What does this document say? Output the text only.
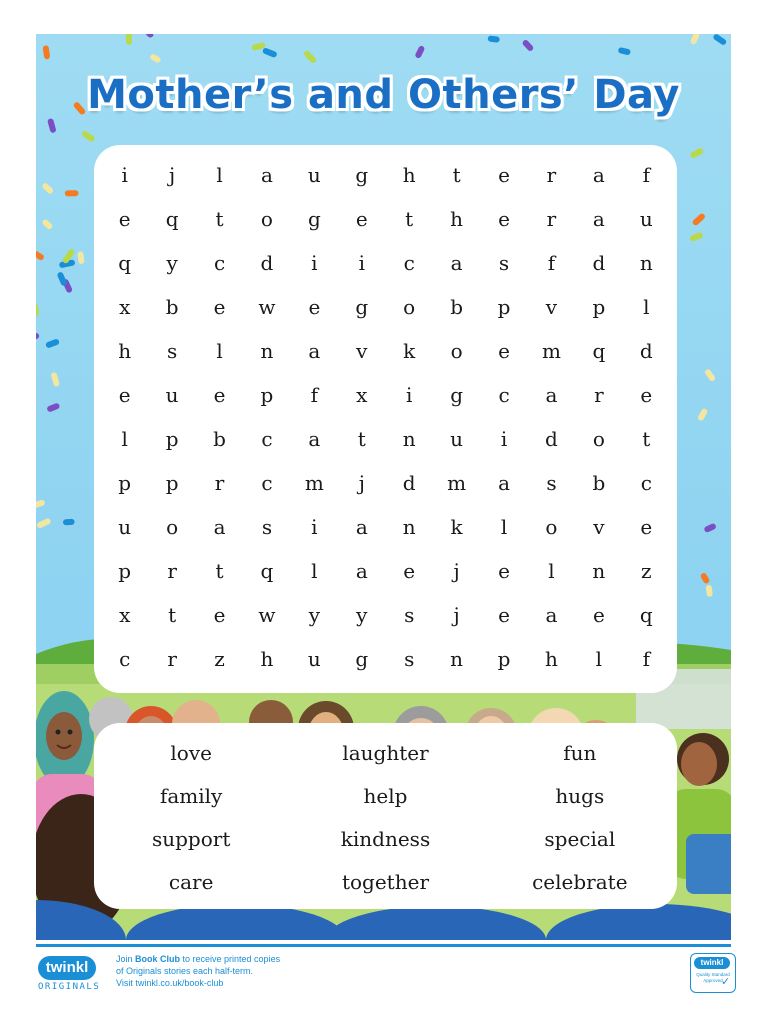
Mother’s and Others’ Day
i	j	l	a	u	g	h	t	e	r	a	f
e	q	t	o	g	e	t	h	e	r	a	u
q	y	c	d	i	i	c	a	s	f	d	n
x	b	e	w	e	g	o	b	p	v	p	l
h	s	l	n	a	v	k	o	e	m	q	d
e	u	e	p	f	x	i	g	c	a	r	e
l	p	b	c	a	t	n	u	i	d	o	t
p	p	r	c	m	j	d	m	a	s	b	c
u	o	a	s	i	a	n	k	l	o	v	e
p	r	t	q	l	a	e	j	e	l	n	z
x	t	e	w	y	y	s	j	e	a	e	q
c	r	z	h	u	g	s	n	p	h	l	f
love	laughter	fun
family	help	hugs
support	kindness	special
care	together	celebrate
twinkl
ORIGINALS
Join Book Club to receive printed copies
of Originals stories each half-term.
Visit twinkl.co.uk/book-club
twinkl
Quality Standard Approved
✓
